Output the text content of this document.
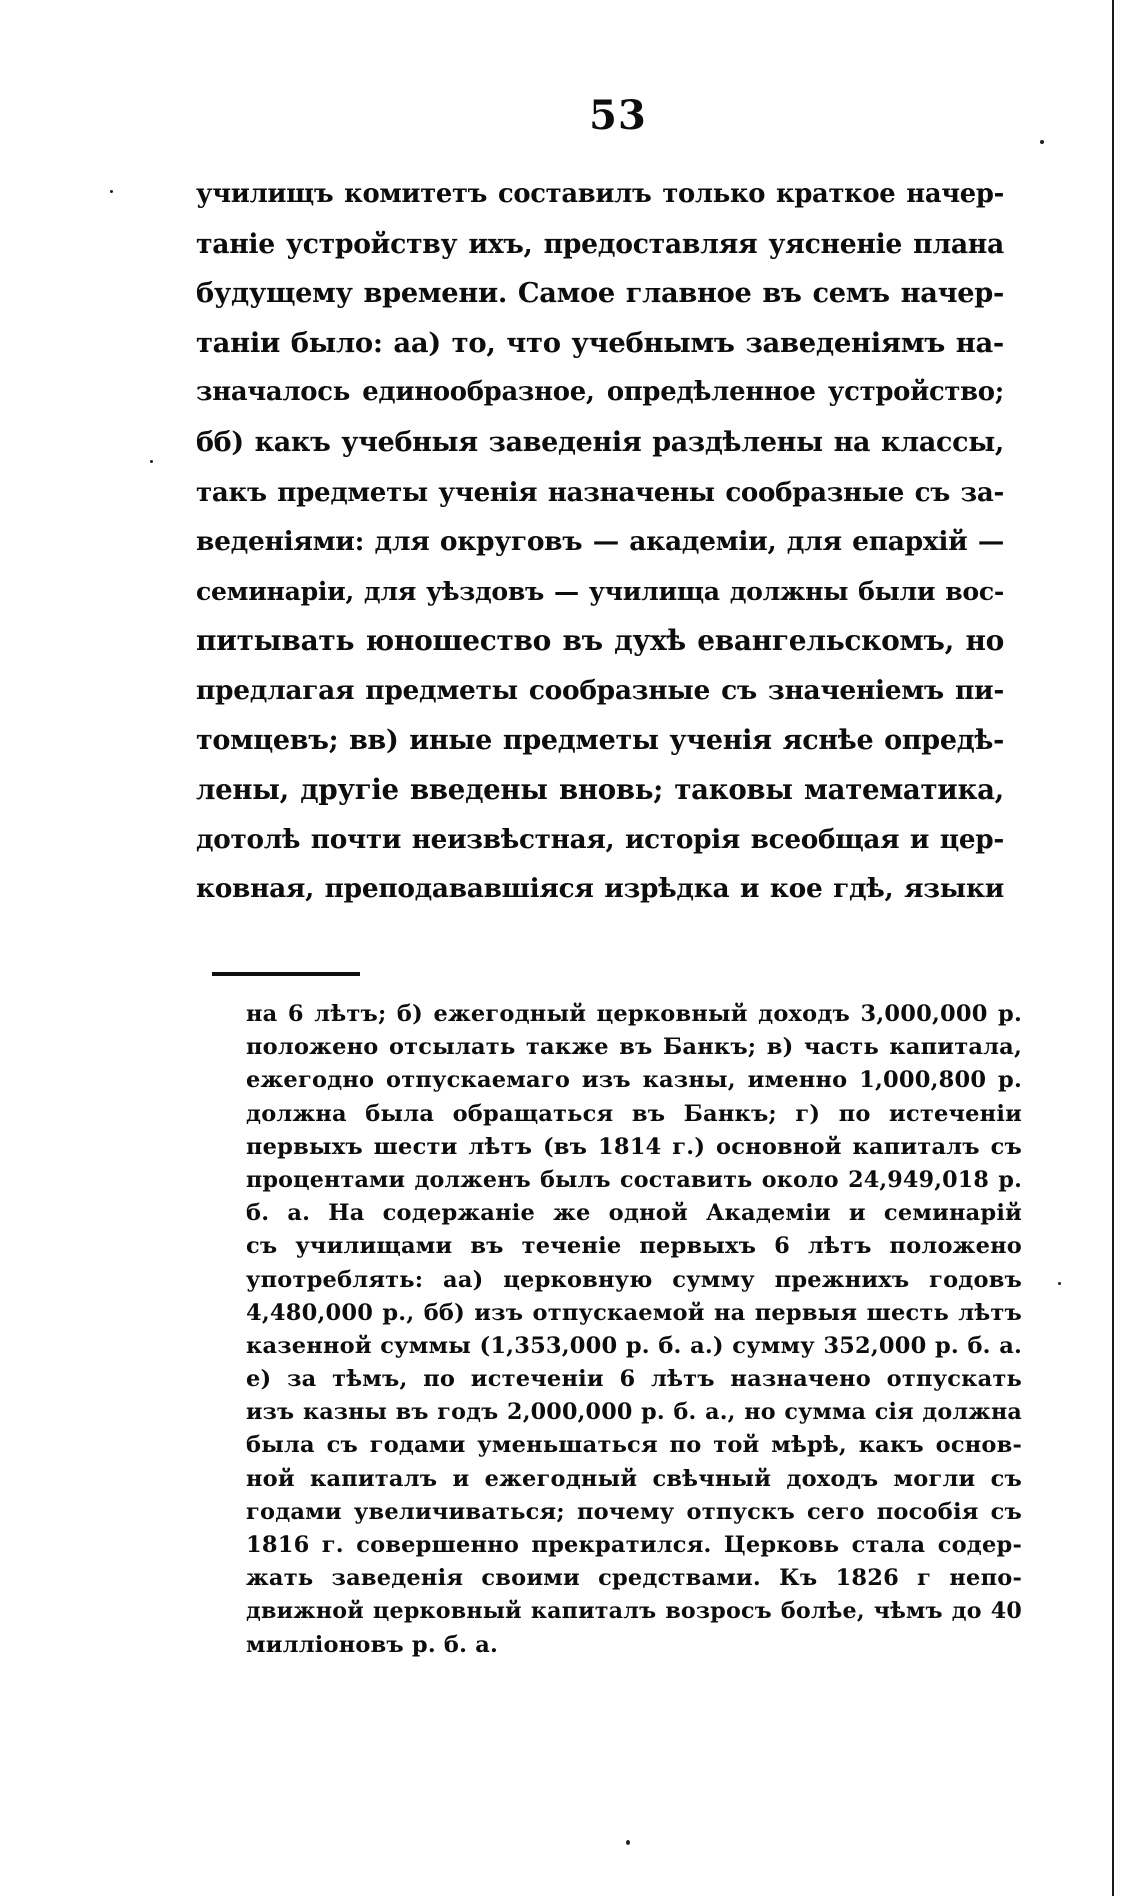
53
училищъ комитетъ составилъ только краткое начер-
таніе устройству ихъ, предоставляя уясненіе плана
будущему времени. Самое главное въ семъ начер-
таніи было: аа) то, что учебнымъ заведеніямъ на-
значалось единообразное, опредѣленное устройство;
бб) какъ учебныя заведенія раздѣлены на классы,
такъ предметы ученія назначены сообразные съ за-
веденіями: для округовъ — академіи, для епархій —
семинаріи, для уѣздовъ — училища должны были вос-
питывать юношество въ духѣ евангельскомъ, но
предлагая предметы сообразные съ значеніемъ пи-
томцевъ; вв) иные предметы ученія яснѣе опредѣ-
лены, другіе введены вновь; таковы математика,
дотолѣ почти неизвѣстная, исторія всеобщая и цер-
ковная, преподававшіяся изрѣдка и кое гдѣ, языки
на 6 лѣтъ; б) ежегодный церковный доходъ 3,000,000 р.
положено отсылать также въ Банкъ; в) часть капитала,
ежегодно отпускаемаго изъ казны, именно 1,000,800 р.
должна была обращаться въ Банкъ; г) по истеченіи
первыхъ шести лѣтъ (въ 1814 г.) основной капиталъ съ
процентами долженъ былъ составить около 24,949,018 р.
б. а. На содержаніе же одной Академіи и семинарій
съ училищами въ теченіе первыхъ 6 лѣтъ положено
употреблять: аа) церковную сумму прежнихъ годовъ
4,480,000 р., бб) изъ отпускаемой на первыя шесть лѣтъ
казенной суммы (1,353,000 р. б. а.) сумму 352,000 р. б. а.
е) за тѣмъ, по истеченіи 6 лѣтъ назначено отпускать
изъ казны въ годъ 2,000,000 р. б. а., но сумма сія должна
была съ годами уменьшаться по той мѣрѣ, какъ основ-
ной капиталъ и ежегодный свѣчный доходъ могли съ
годами увеличиваться; почему отпускъ сего пособія съ
1816 г. совершенно прекратился. Церковь стала содер-
жать заведенія своими средствами. Къ 1826 г непо-
движной церковный капиталъ возросъ болѣе, чѣмъ до 40
милліоновъ р. б. а.
